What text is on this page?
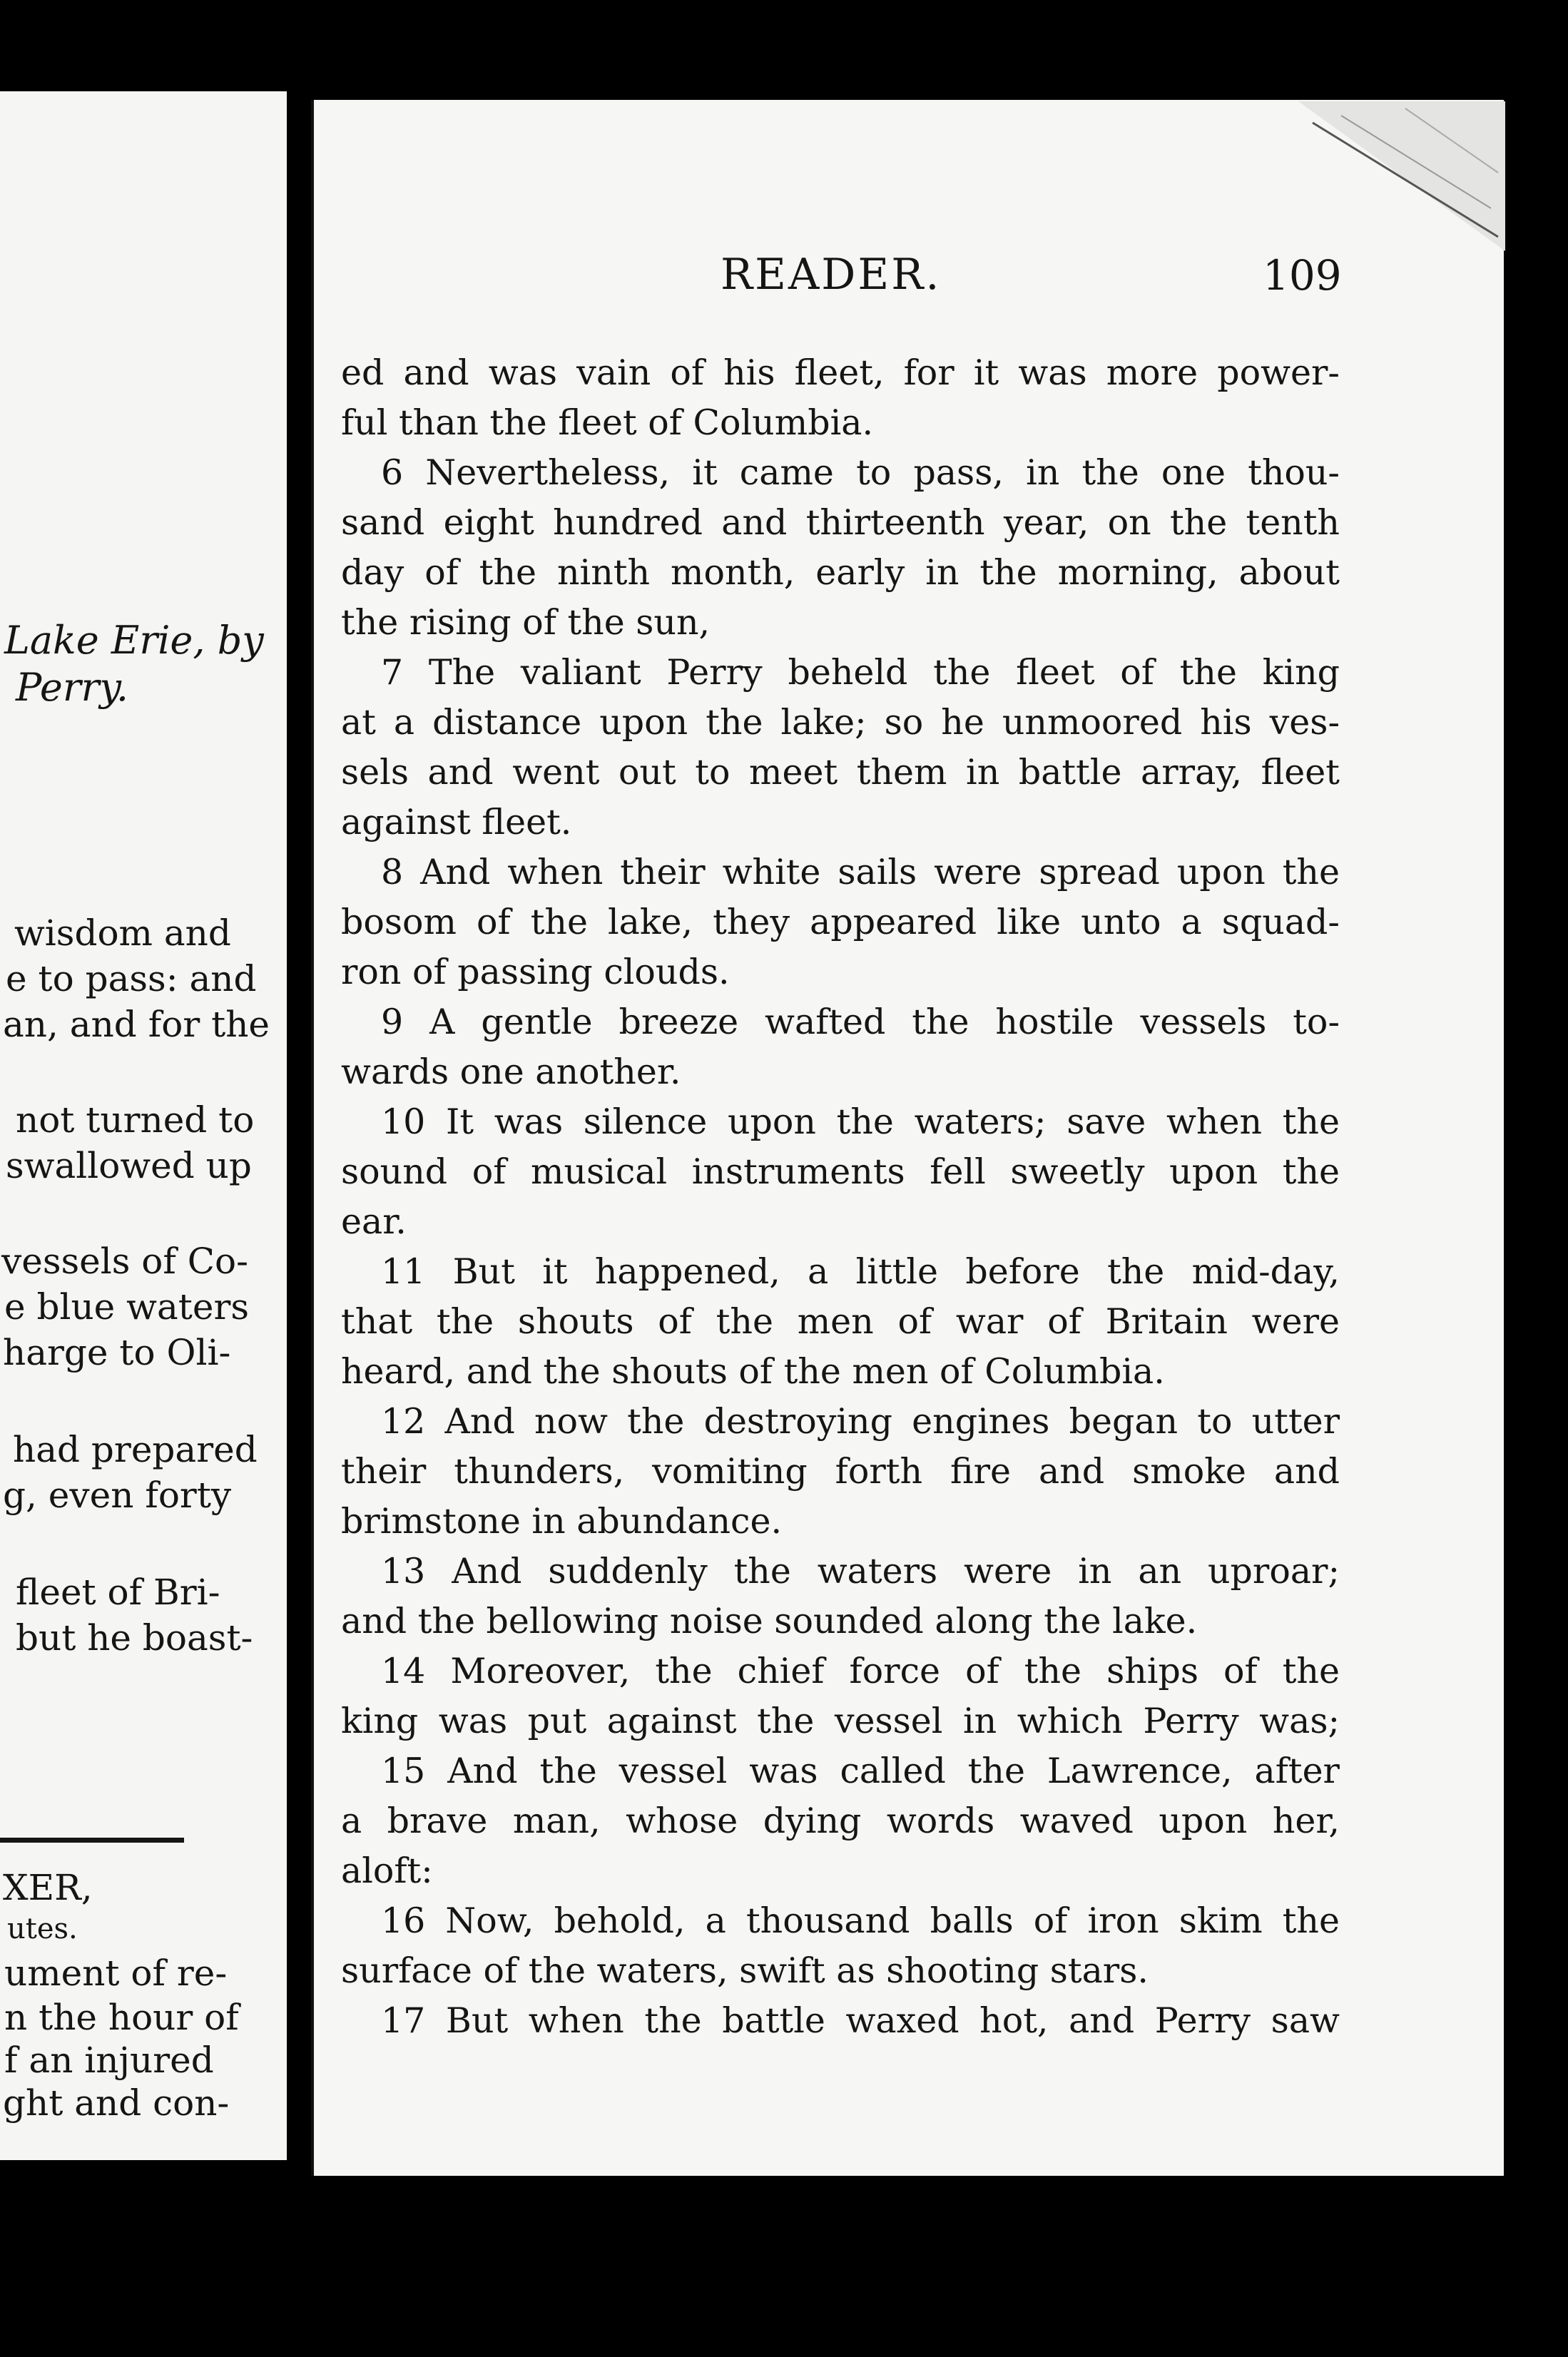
Lake Erie, by
Perry.
wisdom and
e to pass: and
an, and for the
not turned to
swallowed up
vessels of Co-
e blue waters
harge to Oli-
had prepared
g, even forty
fleet of Bri-
but he boast-
XER,
utes.
ument of re-
n the hour of
f an injured
ght and con-
READER.	109
ed and was vain of his fleet, for it was more power-
ful than the fleet of Columbia.
6 Nevertheless, it came to pass, in the one thou-
sand eight hundred and thirteenth year, on the tenth
day of the ninth month, early in the morning, about
the rising of the sun,
7 The valiant Perry beheld the fleet of the king
at a distance upon the lake; so he unmoored his ves-
sels and went out to meet them in battle array, fleet
against fleet.
8 And when their white sails were spread upon the
bosom of the lake, they appeared like unto a squad-
ron of passing clouds.
9 A gentle breeze wafted the hostile vessels to-
wards one another.
10 It was silence upon the waters; save when the
sound of musical instruments fell sweetly upon the
ear.
11 But it happened, a little before the mid-day,
that the shouts of the men of war of Britain were
heard, and the shouts of the men of Columbia.
12 And now the destroying engines began to utter
their thunders, vomiting forth fire and smoke and
brimstone in abundance.
13 And suddenly the waters were in an uproar;
and the bellowing noise sounded along the lake.
14 Moreover, the chief force of the ships of the
king was put against the vessel in which Perry was;
15 And the vessel was called the Lawrence, after
a brave man, whose dying words waved upon her,
aloft:
16 Now, behold, a thousand balls of iron skim the
surface of the waters, swift as shooting stars.
17 But when the battle waxed hot, and Perry saw
